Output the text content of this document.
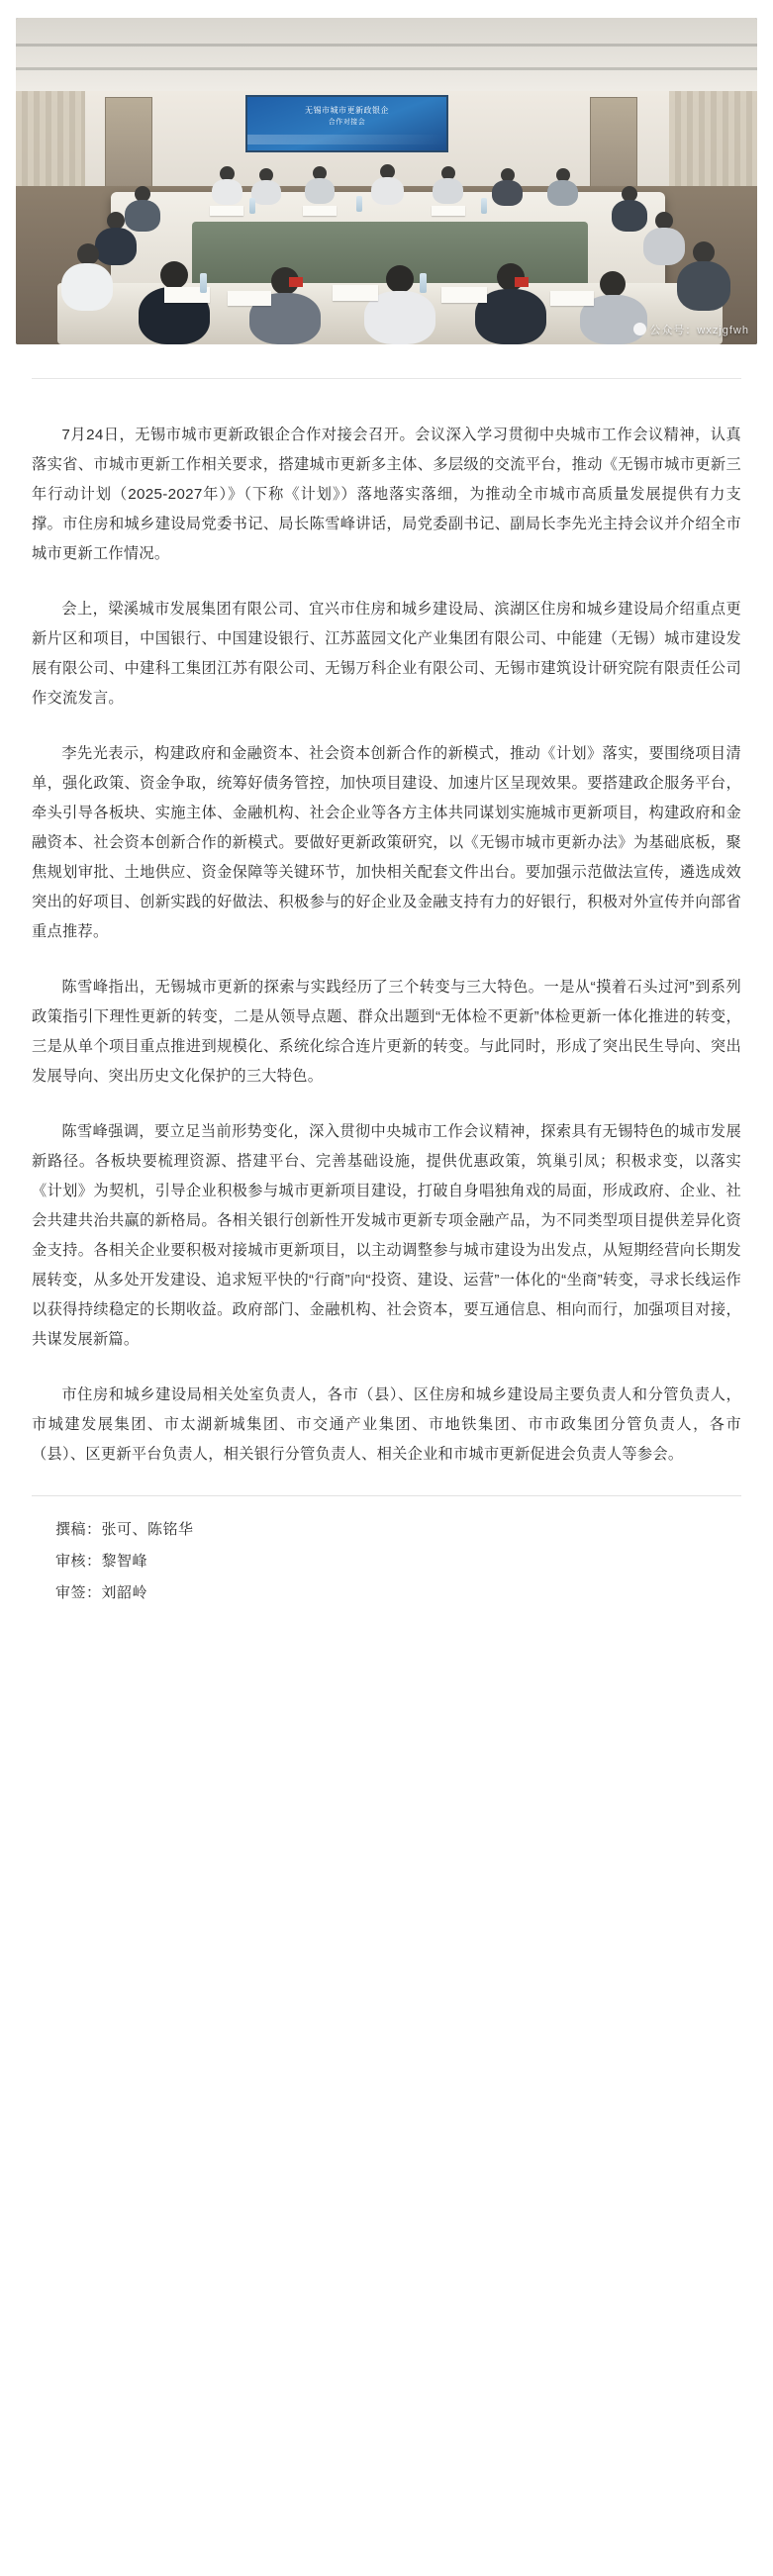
无锡市城市更新政银企
合作对接会
公众号：wxzjgfwh

7月24日，无锡市城市更新政银企合作对接会召开。会议深入学习贯彻中央城市工作会议精神，认真落实省、市城市更新工作相关要求，搭建城市更新多主体、多层级的交流平台，推动《无锡市城市更新三年行动计划（2025-2027年）》（下称《计划》）落地落实落细，为推动全市城市高质量发展提供有力支撑。市住房和城乡建设局党委书记、局长陈雪峰讲话，局党委副书记、副局长李先光主持会议并介绍全市城市更新工作情况。

会上，梁溪城市发展集团有限公司、宜兴市住房和城乡建设局、滨湖区住房和城乡建设局介绍重点更新片区和项目，中国银行、中国建设银行、江苏蓝园文化产业集团有限公司、中能建（无锡）城市建设发展有限公司、中建科工集团江苏有限公司、无锡万科企业有限公司、无锡市建筑设计研究院有限责任公司作交流发言。

李先光表示，构建政府和金融资本、社会资本创新合作的新模式，推动《计划》落实，要围绕项目清单，强化政策、资金争取，统筹好债务管控，加快项目建设、加速片区呈现效果。要搭建政企服务平台，牵头引导各板块、实施主体、金融机构、社会企业等各方主体共同谋划实施城市更新项目，构建政府和金融资本、社会资本创新合作的新模式。要做好更新政策研究，以《无锡市城市更新办法》为基础底板，聚焦规划审批、土地供应、资金保障等关键环节，加快相关配套文件出台。要加强示范做法宣传，遴选成效突出的好项目、创新实践的好做法、积极参与的好企业及金融支持有力的好银行，积极对外宣传并向部省重点推荐。

陈雪峰指出，无锡城市更新的探索与实践经历了三个转变与三大特色。一是从“摸着石头过河”到系列政策指引下理性更新的转变，二是从领导点题、群众出题到“无体检不更新”体检更新一体化推进的转变，三是从单个项目重点推进到规模化、系统化综合连片更新的转变。与此同时，形成了突出民生导向、突出发展导向、突出历史文化保护的三大特色。

陈雪峰强调，要立足当前形势变化，深入贯彻中央城市工作会议精神，探索具有无锡特色的城市发展新路径。各板块要梳理资源、搭建平台、完善基础设施，提供优惠政策，筑巢引凤；积极求变，以落实《计划》为契机，引导企业积极参与城市更新项目建设，打破自身唱独角戏的局面，形成政府、企业、社会共建共治共赢的新格局。各相关银行创新性开发城市更新专项金融产品，为不同类型项目提供差异化资金支持。各相关企业要积极对接城市更新项目，以主动调整参与城市建设为出发点，从短期经营向长期发展转变，从多处开发建设、追求短平快的“行商”向“投资、建设、运营”一体化的“坐商”转变，寻求长线运作以获得持续稳定的长期收益。政府部门、金融机构、社会资本，要互通信息、相向而行，加强项目对接，共谋发展新篇。

市住房和城乡建设局相关处室负责人，各市（县）、区住房和城乡建设局主要负责人和分管负责人，市城建发展集团、市太湖新城集团、市交通产业集团、市地铁集团、市市政集团分管负责人，各市（县）、区更新平台负责人，相关银行分管负责人、相关企业和市城市更新促进会负责人等参会。

撰稿：张可、陈铭华
审核：黎智峰
审签：刘韶岭
